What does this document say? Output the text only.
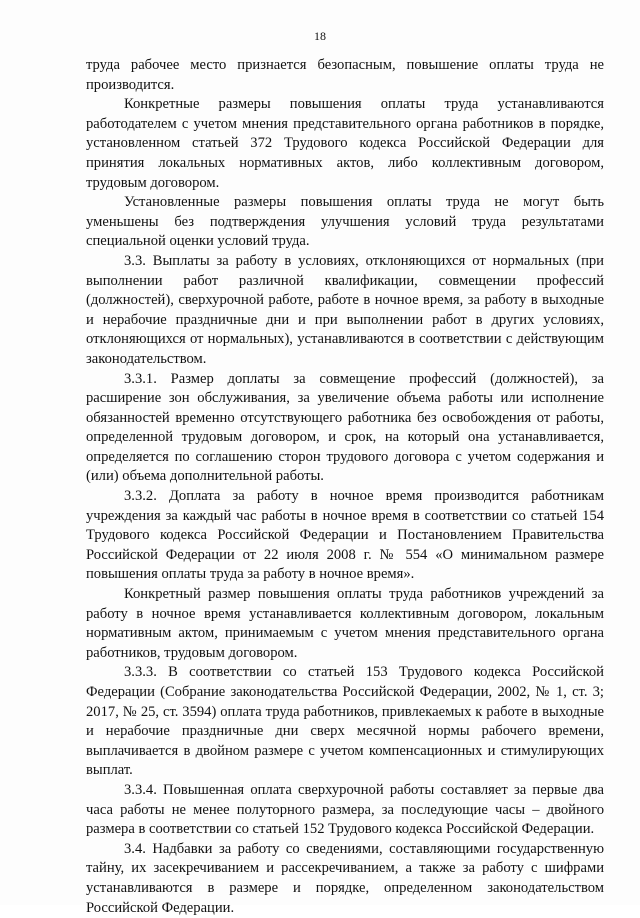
18

труда рабочее место признается безопасным, повышение оплаты труда не производится.

Конкретные размеры повышения оплаты труда устанавливаются работодателем с учетом мнения представительного органа работников в порядке, установленном статьей 372 Трудового кодекса Российской Федерации для принятия локальных нормативных актов, либо коллективным договором, трудовым договором.

Установленные размеры повышения оплаты труда не могут быть уменьшены без подтверждения улучшения условий труда результатами специальной оценки условий труда.

3.3. Выплаты за работу в условиях, отклоняющихся от нормальных (при выполнении работ различной квалификации, совмещении профессий (должностей), сверхурочной работе, работе в ночное время, за работу в выходные и нерабочие праздничные дни и при выполнении работ в других условиях, отклоняющихся от нормальных), устанавливаются в соответствии с действующим законодательством.

3.3.1. Размер доплаты за совмещение профессий (должностей), за расширение зон обслуживания, за увеличение объема работы или исполнение обязанностей временно отсутствующего работника без освобождения от работы, определенной трудовым договором, и срок, на который она устанавливается, определяется по соглашению сторон трудового договора с учетом содержания и (или) объема дополнительной работы.

3.3.2. Доплата за работу в ночное время производится работникам учреждения за каждый час работы в ночное время в соответствии со статьей 154 Трудового кодекса Российской Федерации и Постановлением Правительства Российской Федерации от 22 июля 2008 г. № 554 «О минимальном размере повышения оплаты труда за работу в ночное время».

Конкретный размер повышения оплаты труда работников учреждений за работу в ночное время устанавливается коллективным договором, локальным нормативным актом, принимаемым с учетом мнения представительного органа работников, трудовым договором.

3.3.3. В соответствии со статьей 153 Трудового кодекса Российской Федерации (Собрание законодательства Российской Федерации, 2002, № 1, ст. 3; 2017, № 25, ст. 3594) оплата труда работников, привлекаемых к работе в выходные и нерабочие праздничные дни сверх месячной нормы рабочего времени, выплачивается в двойном размере с учетом компенсационных и стимулирующих выплат.

3.3.4. Повышенная оплата сверхурочной работы составляет за первые два часа работы не менее полуторного размера, за последующие часы – двойного размера в соответствии со статьей 152 Трудового кодекса Российской Федерации.

3.4. Надбавки за работу со сведениями, составляющими государственную тайну, их засекречиванием и рассекречиванием, а также за работу с шифрами устанавливаются в размере и порядке, определенном законодательством Российской Федерации.
